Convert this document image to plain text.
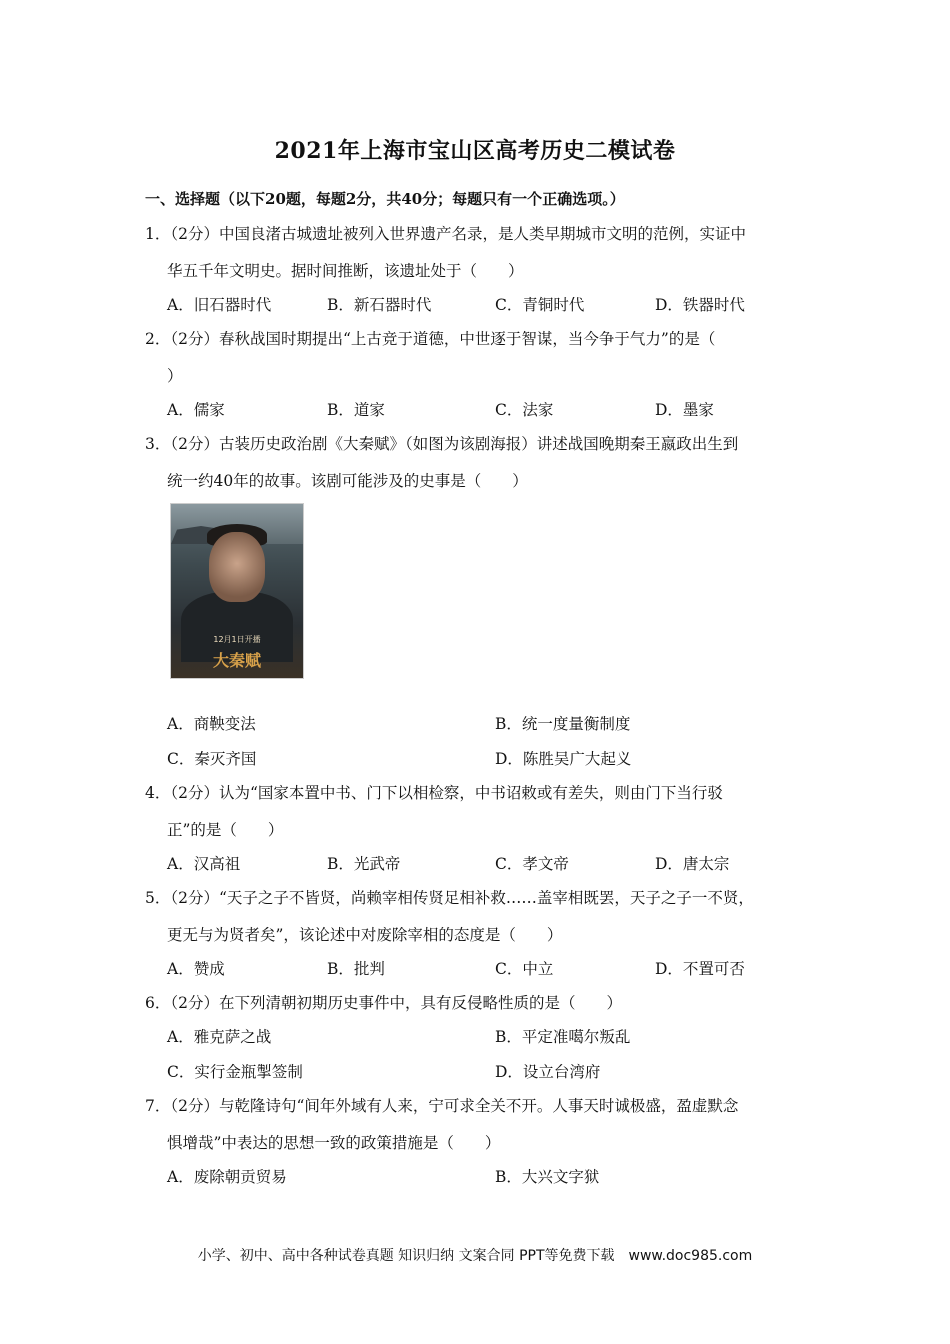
2021年上海市宝山区高考历史二模试卷
一、选择题（以下20题，每题2分，共40分；每题只有一个正确选项。）
1．（2分）中国良渚古城遗址被列入世界遗产名录，是人类早期城市文明的范例，实证中
华五千年文明史。据时间推断，该遗址处于（　　）
A．旧石器时代	B．新石器时代	C．青铜时代	D．铁器时代
2．（2分）春秋战国时期提出“上古竞于道德，中世逐于智谋，当今争于气力”的是（
）
A．儒家	B．道家	C．法家	D．墨家
3．（2分）古装历史政治剧《大秦赋》（如图为该剧海报）讲述战国晚期秦王嬴政出生到
统一约40年的故事。该剧可能涉及的史事是（　　）
12月1日开播
大秦赋
A．商鞅变法	B．统一度量衡制度
C．秦灭齐国	D．陈胜吴广大起义
4．（2分）认为“国家本置中书、门下以相检察，中书诏敕或有差失，则由门下当行驳
正”的是（　　）
A．汉高祖	B．光武帝	C．孝文帝	D．唐太宗
5．（2分）“天子之子不皆贤，尚赖宰相传贤足相补救……盖宰相既罢，天子之子一不贤，
更无与为贤者矣”，该论述中对废除宰相的态度是（　　）
A．赞成	B．批判	C．中立	D．不置可否
6．（2分）在下列清朝初期历史事件中，具有反侵略性质的是（　　）
A．雅克萨之战	B．平定准噶尔叛乱
C．实行金瓶掣签制	D．设立台湾府
7．（2分）与乾隆诗句“间年外域有人来，宁可求全关不开。人事天时诚极盛，盈虚默念
惧增哉”中表达的思想一致的政策措施是（　　）
A．废除朝贡贸易	B．大兴文字狱
小学、初中、高中各种试卷真题 知识归纳 文案合同 PPT等免费下载　www.doc985.com
